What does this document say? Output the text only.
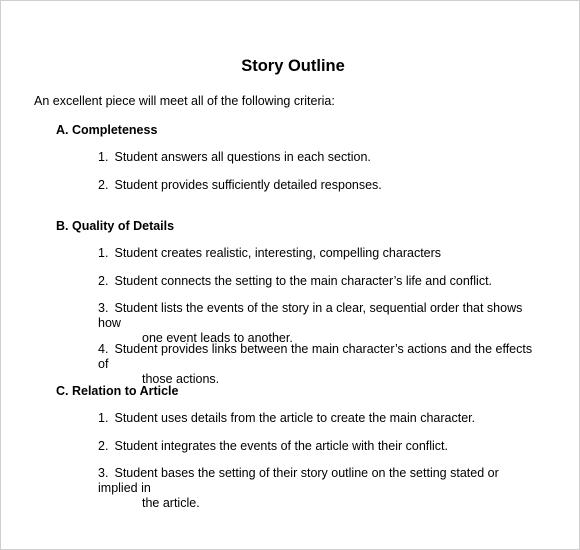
Story Outline
An excellent piece will meet all of the following criteria:
A. Completeness
1. Student answers all questions in each section.
2. Student provides sufficiently detailed responses.
B. Quality of Details
1. Student creates realistic, interesting, compelling characters
2. Student connects the setting to the main character’s life and conflict.
3. Student lists the events of the story in a clear, sequential order that shows how
one event leads to another.
4. Student provides links between the main character’s actions and the effects of
those actions.
C. Relation to Article
1. Student uses details from the article to create the main character.
2. Student integrates the events of the article with their conflict.
3. Student bases the setting of their story outline on the setting stated or implied in
the article.
